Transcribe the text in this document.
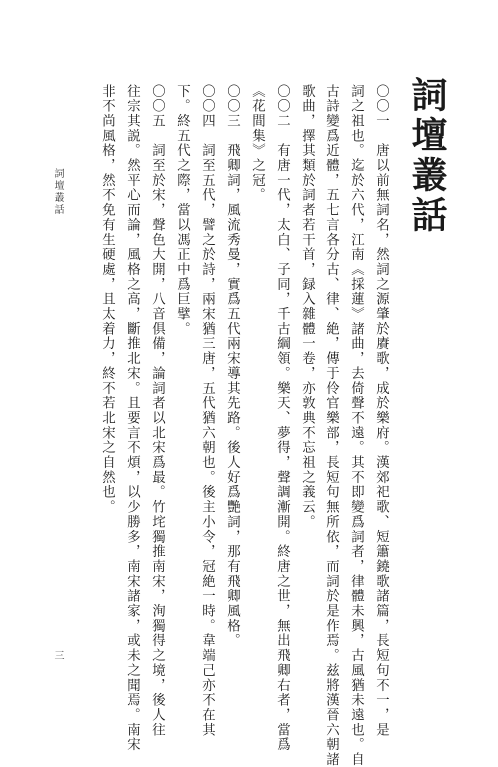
詞壇叢話
〇〇一　唐以前無詞名，然詞之源肇於賡歌，成於樂府。漢郊祀歌、短簫鐃歌諸篇，長短句不一，是
詞之祖也。迄於六代，江南《採蓮》諸曲，去倚聲不遠。其不即變爲詞者，律體未興，古風猶未遠也。自
古詩變爲近體，五七言各分古、律、絶，傳于伶官樂部，長短句無所依，而詞於是作焉。兹將漢晉六朝諸
歌曲，擇其類於詞者若干首，録入雜體一卷，亦敦典不忘祖之義云。
〇〇二　有唐一代，太白、子同，千古綱領。樂天、夢得，聲調漸開。終唐之世，無出飛卿右者，當爲
《花間集》之冠。
〇〇三　飛卿詞，風流秀曼，實爲五代兩宋導其先路。後人好爲艷詞，那有飛卿風格。
〇〇四　詞至五代，譬之於詩，兩宋猶三唐，五代猶六朝也。後主小令，冠絶一時。韋端己亦不在其
下。終五代之際，當以馮正中爲巨擘。
〇〇五　詞至於宋，聲色大開，八音俱備，論詞者以北宋爲最。竹垞獨推南宋，洵獨得之境，後人往
往宗其説。然平心而論，風格之高，斷推北宋。且要言不煩，以少勝多，南宋諸家，或未之聞焉。南宋
非不尚風格，然不免有生硬處，且太着力，終不若北宋之自然也。
詞壇叢話
三
